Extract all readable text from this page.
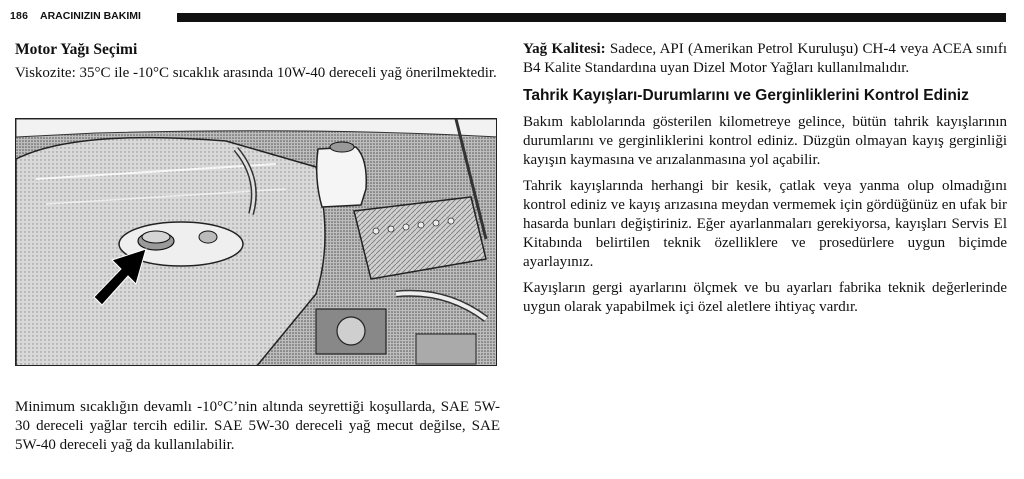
186 ARACINIZIN BAKIMI
Motor Yağı Seçimi
Viskozite: 35°C ile -10°C sıcaklık arasında 10W-40 dereceli yağ önerilmektedir.
Minimum sıcaklığın devamlı -10°C’nin altında seyrettiği koşullarda, SAE 5W-30 dereceli yağlar tercih edilir. SAE 5W-30 dereceli yağ mecut değilse, SAE 5W-40 dereceli yağ da kullanılabilir.
Yağ Kalitesi: Sadece, API (Amerikan Petrol Kuruluşu) CH-4 veya ACEA sınıfı B4 Kalite Standardına uyan Dizel Motor Yağları kullanılmalıdır.
Tahrik Kayışları-Durumlarını ve Gerginliklerini Kontrol Ediniz
Bakım kablolarında gösterilen kilometreye gelince, bütün tahrik kayışlarının durumlarını ve gerginliklerini kontrol ediniz. Düzgün olmayan kayış gerginliği kayışın kaymasına ve arızalanmasına yol açabilir.
Tahrik kayışlarında herhangi bir kesik, çatlak veya yanma olup olmadığını kontrol ediniz ve kayış arızasına meydan vermemek için gördüğünüz en ufak bir hasarda bunları değiştiriniz. Eğer ayarlanmaları gerekiyorsa, kayışları Servis El Kitabında belirtilen teknik özelliklere ve prosedürlere uygun biçimde ayarlayınız.
Kayışların gergi ayarlarını ölçmek ve bu ayarları fabrika teknik değerlerinde uygun olarak yapabilmek içi özel aletlere ihtiyaç vardır.
